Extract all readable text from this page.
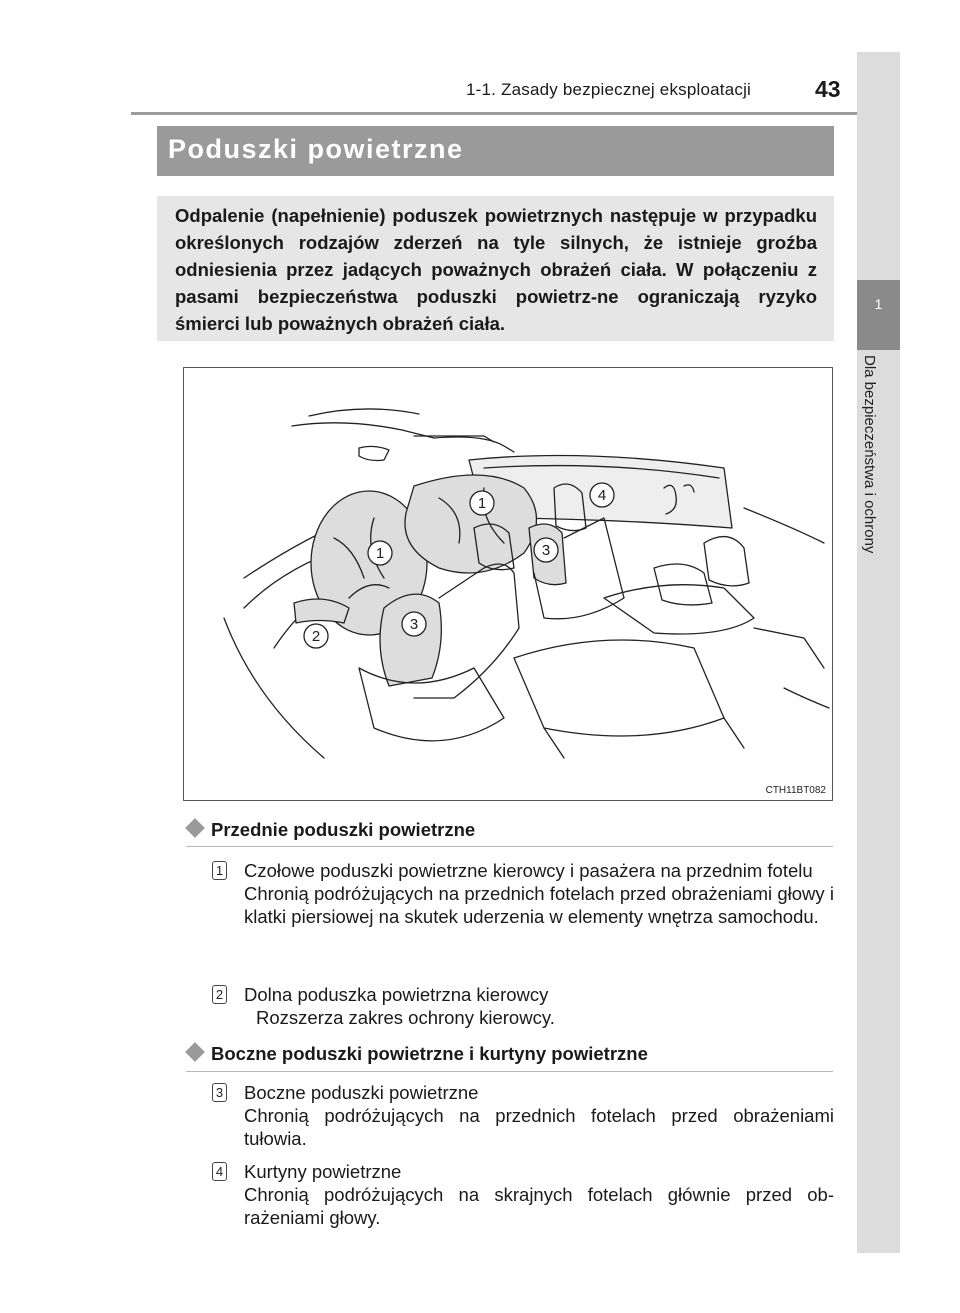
1-1. Zasady bezpiecznej eksploatacji	43
1
Dla bezpieczeństwa i ochrony
Poduszki powietrzne
Odpalenie (napełnienie) poduszek powietrznych następuje w przypadku określonych rodzajów zderzeń na tyle silnych, że istnieje groźba odniesienia przez jadących poważnych obrażeń ciała. W połączeniu z pasami bezpieczeństwa poduszki powietrz-ne ograniczają ryzyko śmierci lub poważnych obrażeń ciała.
1
1
2
3
3
4
CTH11BT082
Przednie poduszki powietrzne
1 Czołowe poduszki powietrzne kierowcy i pasażera na przednim fotelu
Chronią podróżujących na przednich fotelach przed obrażeniami głowy i klatki piersiowej na skutek uderzenia w elementy wnętrza samochodu.
2 Dolna poduszka powietrzna kierowcy
Rozszerza zakres ochrony kierowcy.
Boczne poduszki powietrzne i kurtyny powietrzne
3 Boczne poduszki powietrzne
Chronią podróżujących na przednich fotelach przed obrażeniami tułowia.
4 Kurtyny powietrzne
Chronią podróżujących na skrajnych fotelach głównie przed ob-rażeniami głowy.
